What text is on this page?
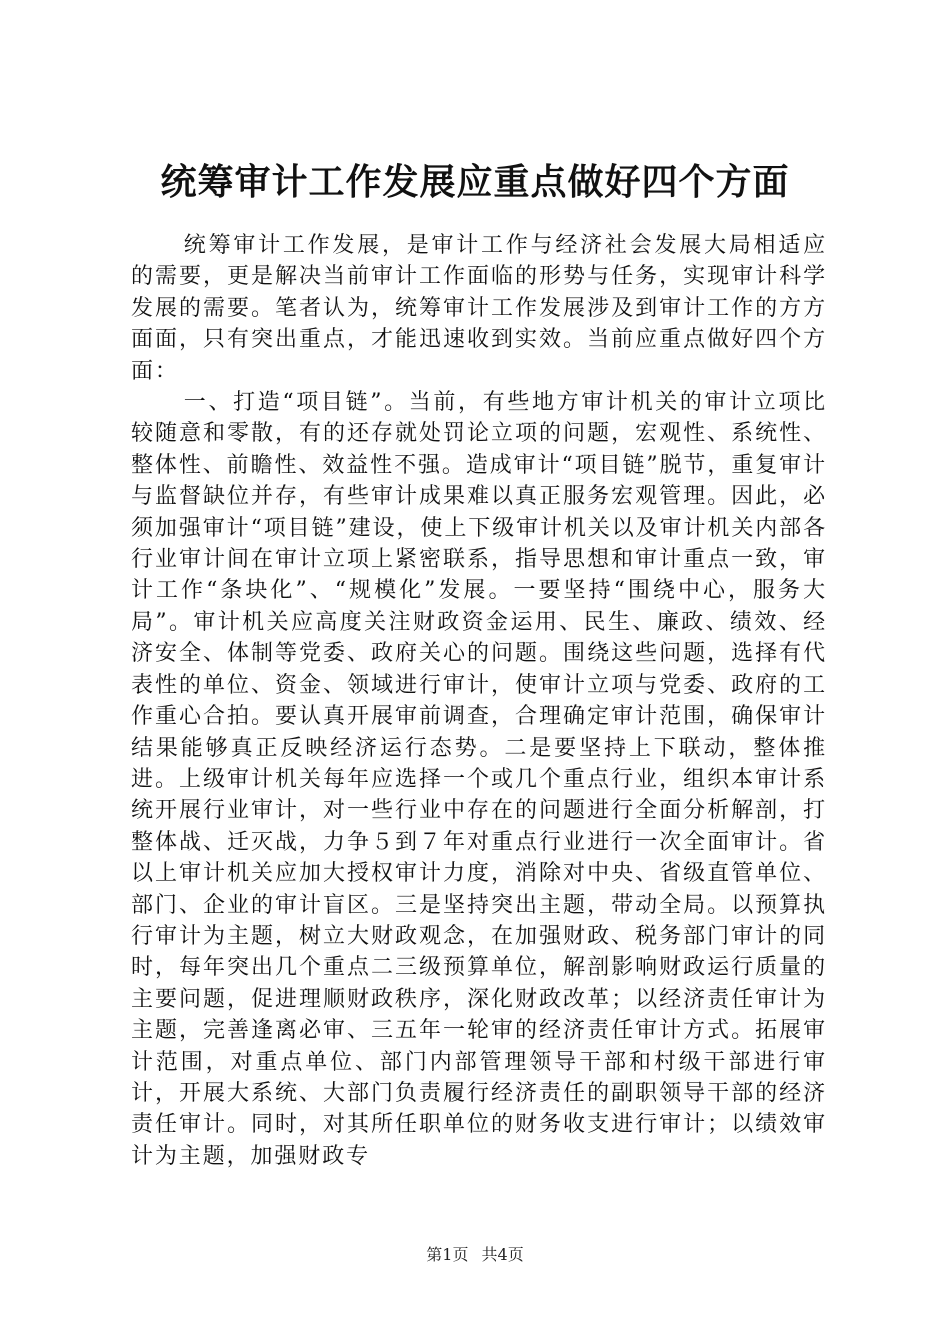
统筹审计工作发展应重点做好四个方面

统筹审计工作发展，是审计工作与经济社会发展大局相适应的需要，更是解决当前审计工作面临的形势与任务，实现审计科学发展的需要。笔者认为，统筹审计工作发展涉及到审计工作的方方面面，只有突出重点，才能迅速收到实效。当前应重点做好四个方面：

一、打造“项目链”。当前，有些地方审计机关的审计立项比较随意和零散，有的还存就处罚论立项的问题，宏观性、系统性、整体性、前瞻性、效益性不强。造成审计“项目链”脱节，重复审计与监督缺位并存，有些审计成果难以真正服务宏观管理。因此，必须加强审计“项目链”建设，使上下级审计机关以及审计机关内部各行业审计间在审计立项上紧密联系，指导思想和审计重点一致，审计工作“条块化”、“规模化”发展。一要坚持“围绕中心，服务大局”。审计机关应高度关注财政资金运用、民生、廉政、绩效、经济安全、体制等党委、政府关心的问题。围绕这些问题，选择有代表性的单位、资金、领域进行审计，使审计立项与党委、政府的工作重心合拍。要认真开展审前调查，合理确定审计范围，确保审计结果能够真正反映经济运行态势。二是要坚持上下联动，整体推进。上级审计机关每年应选择一个或几个重点行业，组织本审计系统开展行业审计，对一些行业中存在的问题进行全面分析解剖，打整体战、迁灭战，力争５到７年对重点行业进行一次全面审计。省以上审计机关应加大授权审计力度，消除对中央、省级直管单位、部门、企业的审计盲区。三是坚持突出主题，带动全局。以预算执行审计为主题，树立大财政观念，在加强财政、税务部门审计的同时，每年突出几个重点二三级预算单位，解剖影响财政运行质量的主要问题，促进理顺财政秩序，深化财政改革；以经济责任审计为主题，完善逢离必审、三五年一轮审的经济责任审计方式。拓展审计范围，对重点单位、部门内部管理领导干部和村级干部进行审计，开展大系统、大部门负责履行经济责任的副职领导干部的经济责任审计。同时，对其所任职单位的财务收支进行审计；以绩效审计为主题，加强财政专

第1页 共4页
